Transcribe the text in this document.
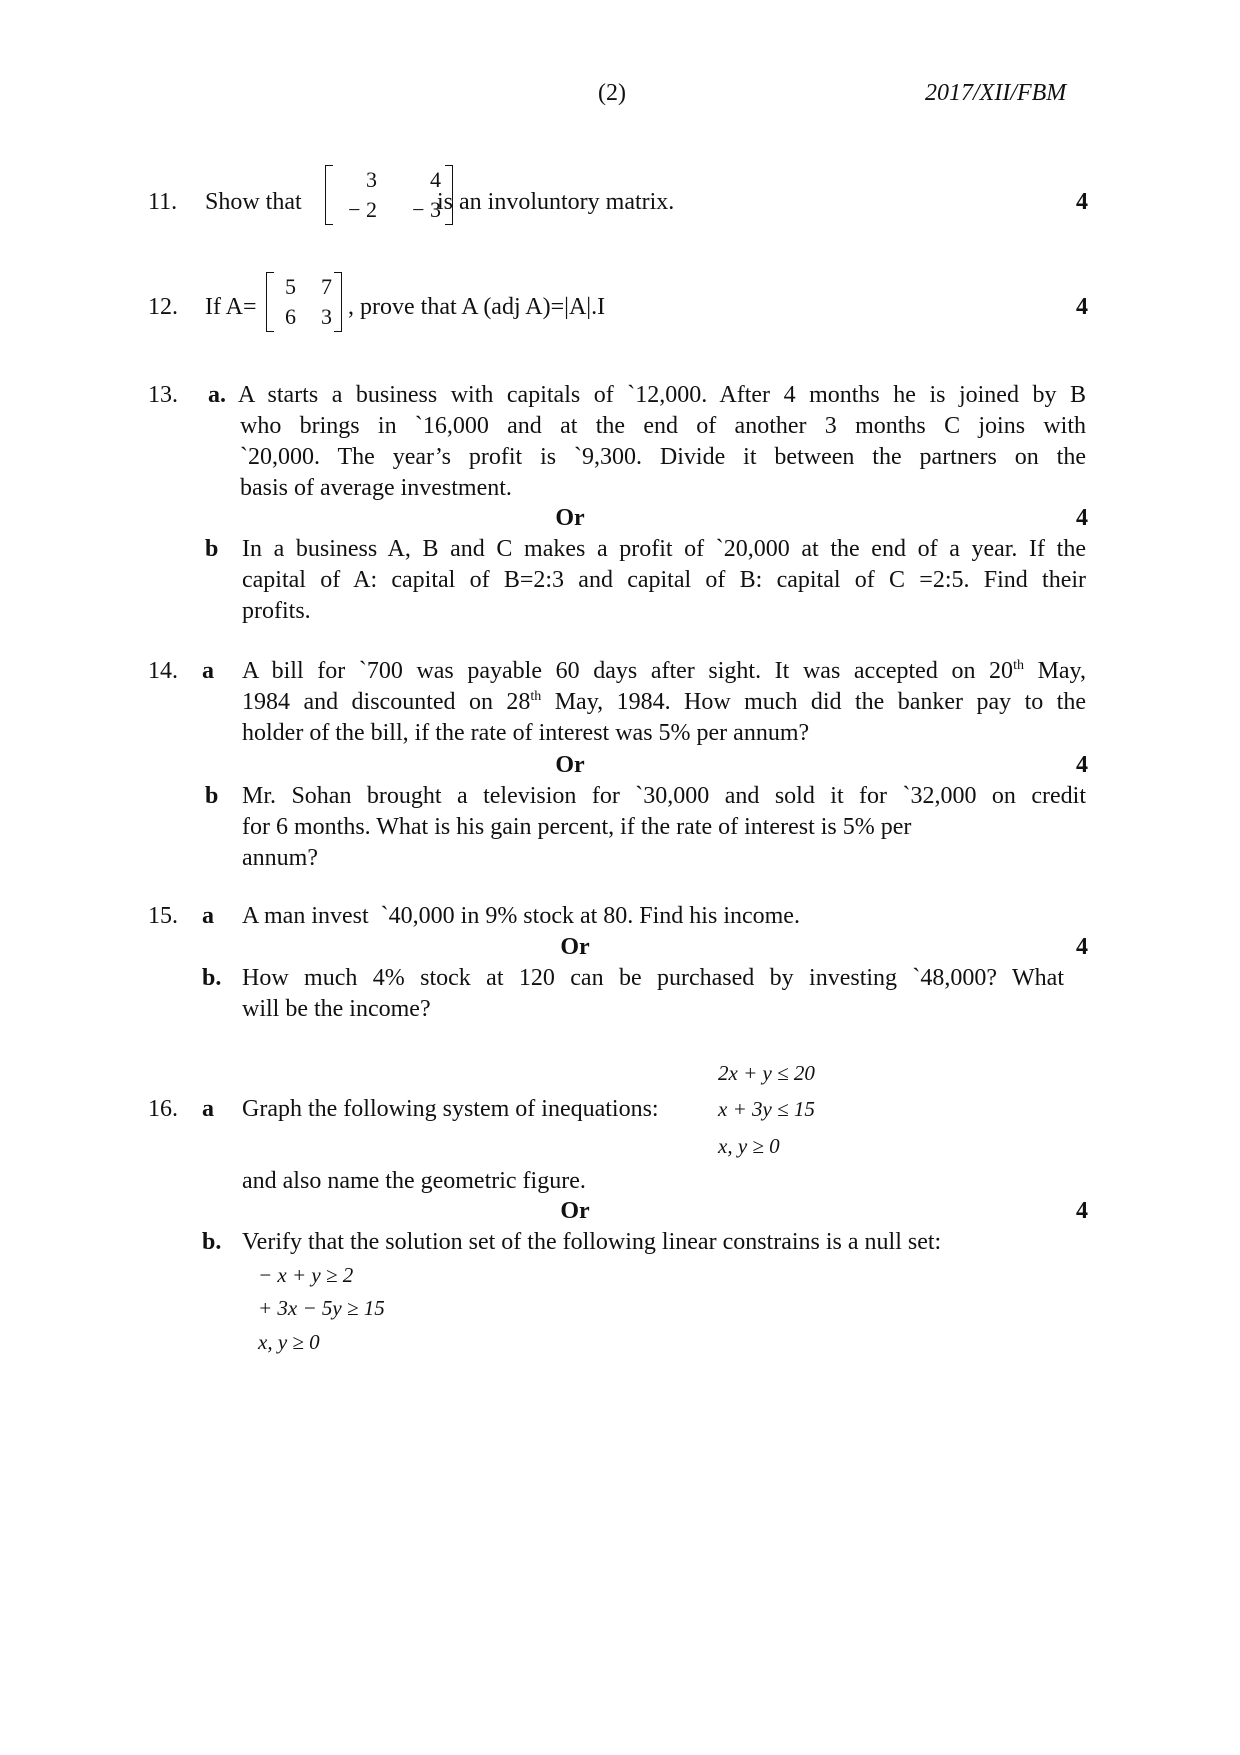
(2)	2017/XII/FBM
11. Show that
3	4
− 2	− 3
is an involuntory matrix.	4
12. If A=
5	7
6	3 , prove that A (adj A)=|A|.I	4
13. a. A starts a business with capitals of `12,000. After 4 months he is joined by B
who brings in `16,000 and at the end of another 3 months C joins with
`20,000. The year’s profit is `9,300. Divide it between the partners on the
basis of average investment.
Or	4
b In a business A, B and C makes a profit of `20,000 at the end of a year. If the
capital of A: capital of B=2:3 and capital of B: capital of C =2:5. Find their
profits.
14. a A bill for `700 was payable 60 days after sight. It was accepted on 20th May,
1984 and discounted on 28th May, 1984. How much did the banker pay to the
holder of the bill, if the rate of interest was 5% per annum?
Or	4
b Mr. Sohan brought a television for `30,000 and sold it for `32,000 on credit
for 6 months. What is his gain percent, if the rate of interest is 5% per
annum?
15. a A man invest  `40,000 in 9% stock at 80. Find his income.
Or	4
b. How much 4% stock at 120 can be purchased by investing `48,000? What
will be the income?
2x + y ≤ 20
16. a Graph the following system of inequations:	x + 3y ≤ 15
x, y ≥ 0
and also name the geometric figure.
Or	4
b. Verify that the solution set of the following linear constrains is a null set:
− x + y ≥ 2
+ 3x − 5y ≥ 15
x, y ≥ 0
